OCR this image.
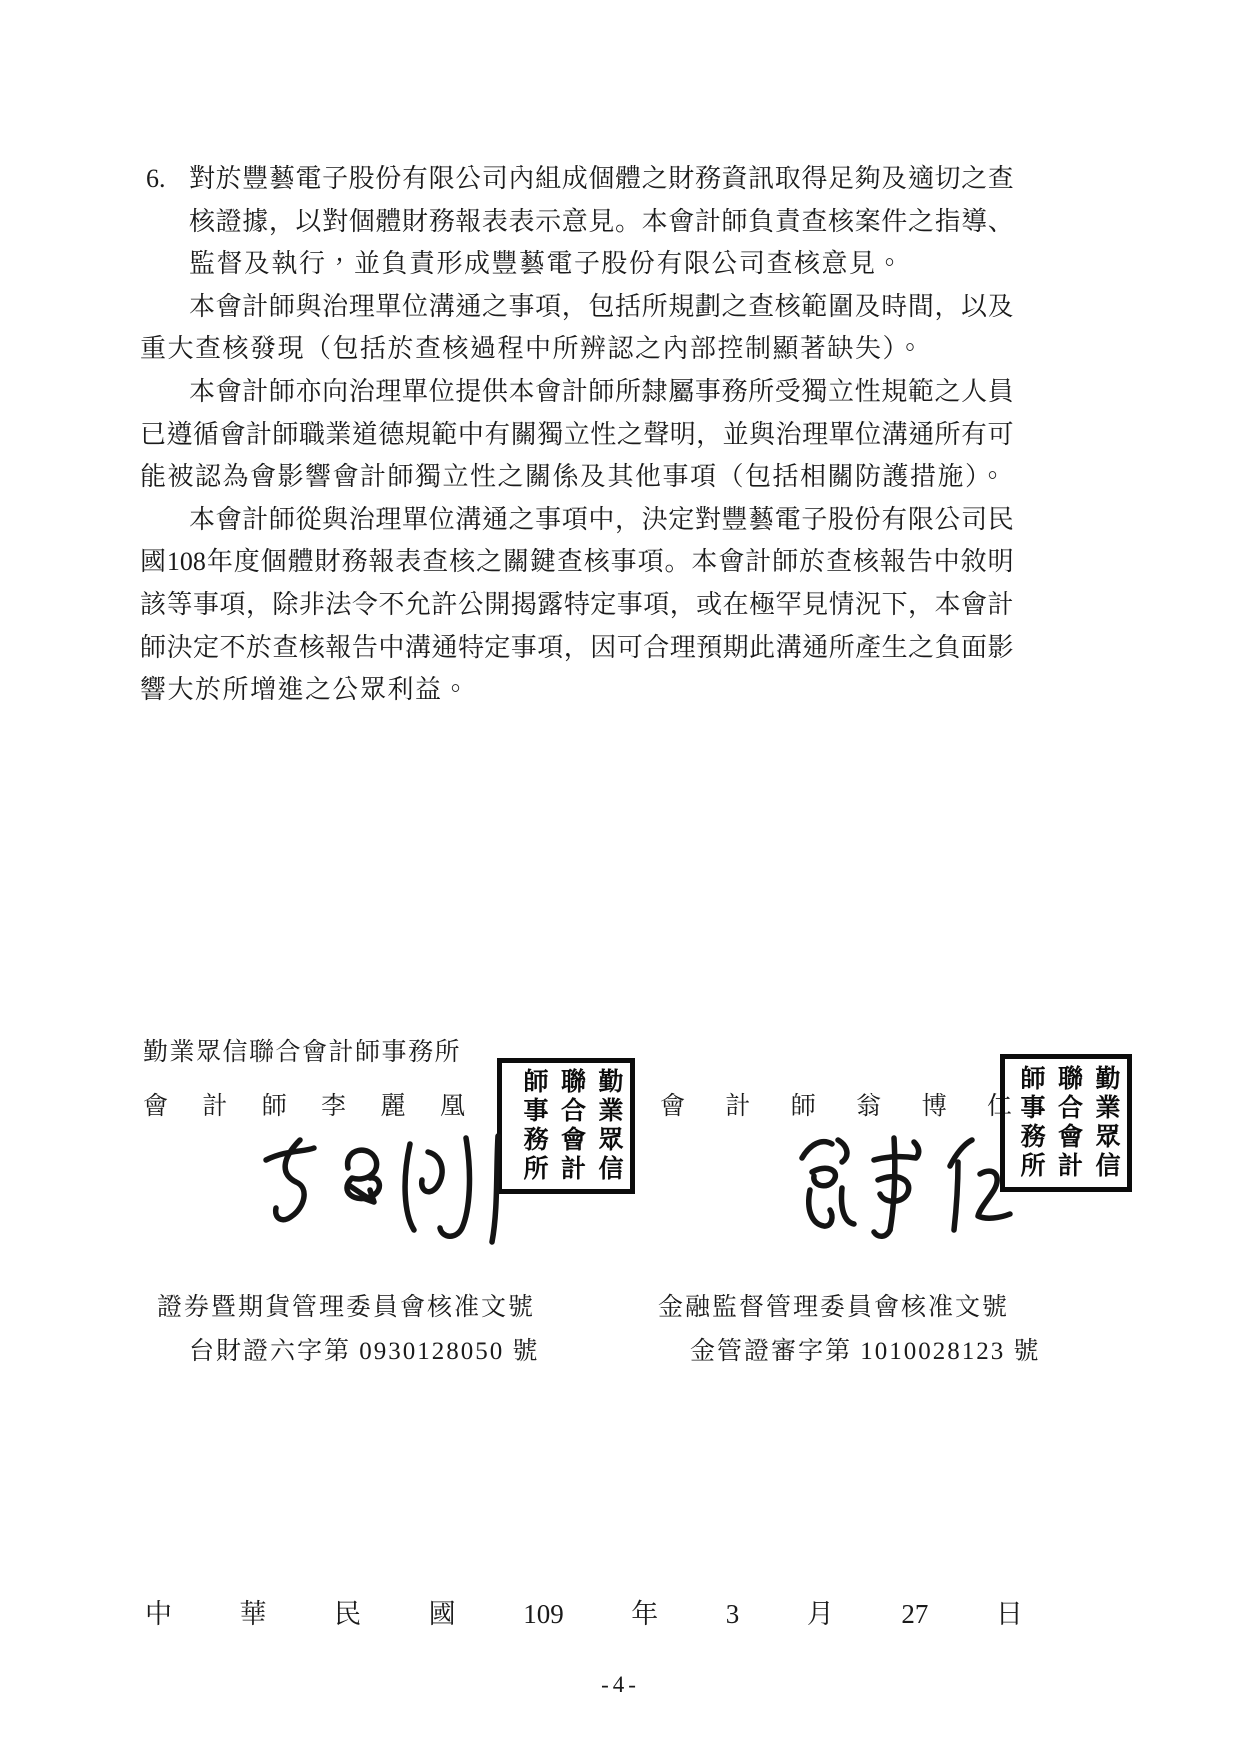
6. 對 於 豐 藝 電 子 股 份 有 限 公 司 內 組 成 個 體 之 財 務 資 訊 取 得 足 夠 及 適 切 之 查
核 證 據 ， 以 對 個 體 財 務 報 表 表 示 意 見 。 本 會 計 師 負 責 查 核 案 件 之 指 導 、
監督及執行，並負責形成豐藝電子股份有限公司查核意見。
本 會 計 師 與 治 理 單 位 溝 通 之 事 項 ， 包 括 所 規 劃 之 查 核 範 圍 及 時 間 ， 以 及
重大查核發現（包括於查核過程中所辨認之內部控制顯著缺失）。
本 會 計 師 亦 向 治 理 單 位 提 供 本 會 計 師 所 隸 屬 事 務 所 受 獨 立 性 規 範 之 人 員
已 遵 循 會 計 師 職 業 道 德 規 範 中 有 關 獨 立 性 之 聲 明 ， 並 與 治 理 單 位 溝 通 所 有 可
能被認為會影響會計師獨立性之關係及其他事項（包括相關防護措施）。
本 會 計 師 從 與 治 理 單 位 溝 通 之 事 項 中 ， 決 定 對 豐 藝 電 子 股 份 有 限 公 司 民
國 108 年 度 個 體 財 務 報 表 查 核 之 關 鍵 查 核 事 項 。 本 會 計 師 於 查 核 報 告 中 敘 明
該 等 事 項 ， 除 非 法 令 不 允 許 公 開 揭 露 特 定 事 項 ， 或 在 極 罕 見 情 況 下 ， 本 會 計
師 決 定 不 於 查 核 報 告 中 溝 通 特 定 事 項 ， 因 可 合 理 預 期 此 溝 通 所 產 生 之 負 面 影
響大於所增進之公眾利益。
勤業眾信聯合會計師事務所
會 計 師 李 麗 凰	會 計 師 翁 博 仁
勤業眾信聯合會計師事務所	勤業眾信聯合會計師事務所
證券暨期貨管理委員會核准文號
台財證六字第 0930128050 號
金融監督管理委員會核准文號
金管證審字第 1010028123 號
中	華	民	國	109	年	3	月	27	日
-4-
